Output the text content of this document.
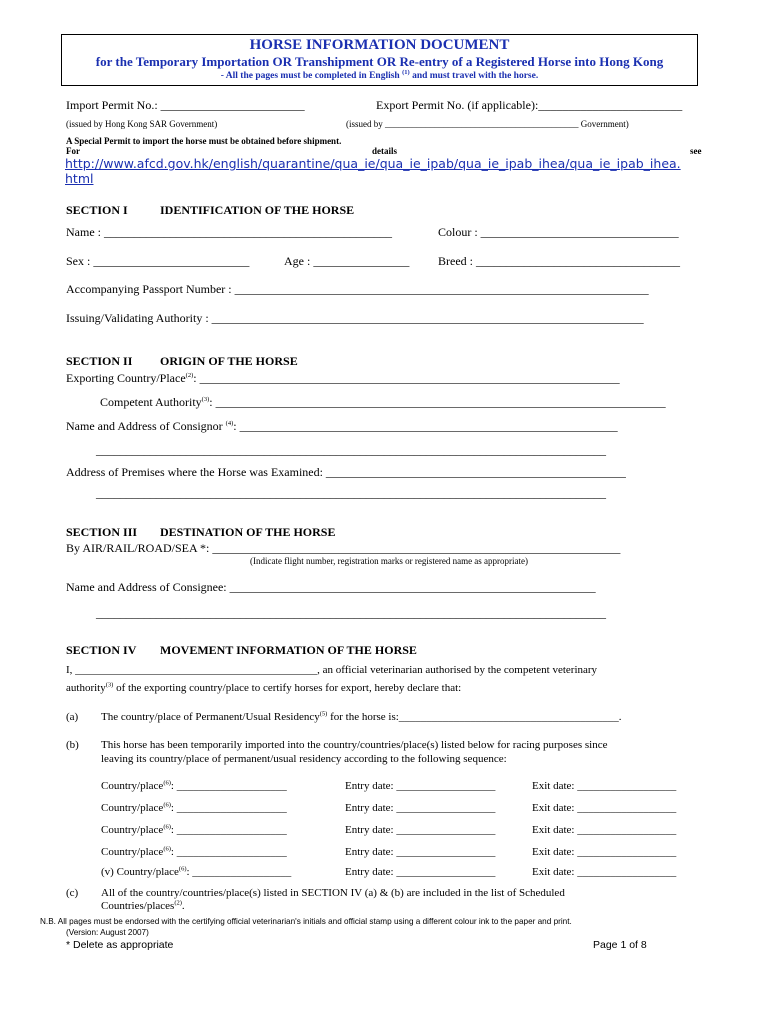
HORSE INFORMATION DOCUMENT
for the Temporary Importation OR Transhipment OR Re-entry of a Registered Horse into Hong Kong
- All the pages must be completed in English $^{(1)}$ and must travel with the horse.
Import Permit No.: ________________________	Export Permit No. (if applicable):________________________
(issued by Hong Kong SAR Government)	(issued by ___________________________________________ Government)
A Special Permit to import the horse must be obtained before shipment.
For	details	see
http://www.afcd.gov.hk/english/quarantine/qua_ie/qua_ie_ipab/qua_ie_ipab_ihea/qua_ie_ipab_ihea.
html
SECTION I	IDENTIFICATION OF THE HORSE
Name : ________________________________________________	Colour : _________________________________
Sex : __________________________	Age : ________________ Breed : __________________________________
Accompanying Passport Number : _____________________________________________________________________
Issuing/Validating Authority : ________________________________________________________________________
SECTION II ORIGIN OF THE HORSE
Exporting Country/Place$^{(2)}$: ______________________________________________________________________
Competent Authority$^{(3)}$: ___________________________________________________________________________
Name and Address of Consignor $^{(4)}$: _______________________________________________________________
_____________________________________________________________________________________
Address of Premises where the Horse was Examined: __________________________________________________
_____________________________________________________________________________________
SECTION III DESTINATION OF THE HORSE
By AIR/RAIL/ROAD/SEA *: ____________________________________________________________________
(Indicate flight number, registration marks or registered name as appropriate)
Name and Address of Consignee: _____________________________________________________________
_____________________________________________________________________________________
SECTION IV MOVEMENT INFORMATION OF THE HORSE
I, ____________________________________________, an official veterinarian authorised by the competent veterinary
authority$^{(3)}$ of the exporting country/place to certify horses for export, hereby declare that:
(a) The country/place of Permanent/Usual Residency$^{(5)}$ for the horse is:________________________________________.
(b) This horse has been temporarily imported into the country/countries/place(s) listed below for racing purposes since
leaving its country/place of permanent/usual residency according to the following sequence:
Country/place$^{(6)}$: ____________________	Entry date: __________________	Exit date: __________________
Country/place$^{(6)}$: ____________________	Entry date: __________________	Exit date: __________________
Country/place$^{(6)}$: ____________________	Entry date: __________________	Exit date: __________________
Country/place$^{(6)}$: ____________________	Entry date: __________________	Exit date: __________________
(v) Country/place$^{(6)}$: __________________	Entry date: __________________	Exit date: __________________
(c) All of the country/countries/place(s) listed in SECTION IV (a) & (b) are included in the list of Scheduled
Countries/places$^{(2)}$.
N.B. All pages must be endorsed with the certifying official veterinarian's initials and official stamp using a different colour ink to the paper and print.
(Version: August 2007)
* Delete as appropriate	Page 1 of 8
